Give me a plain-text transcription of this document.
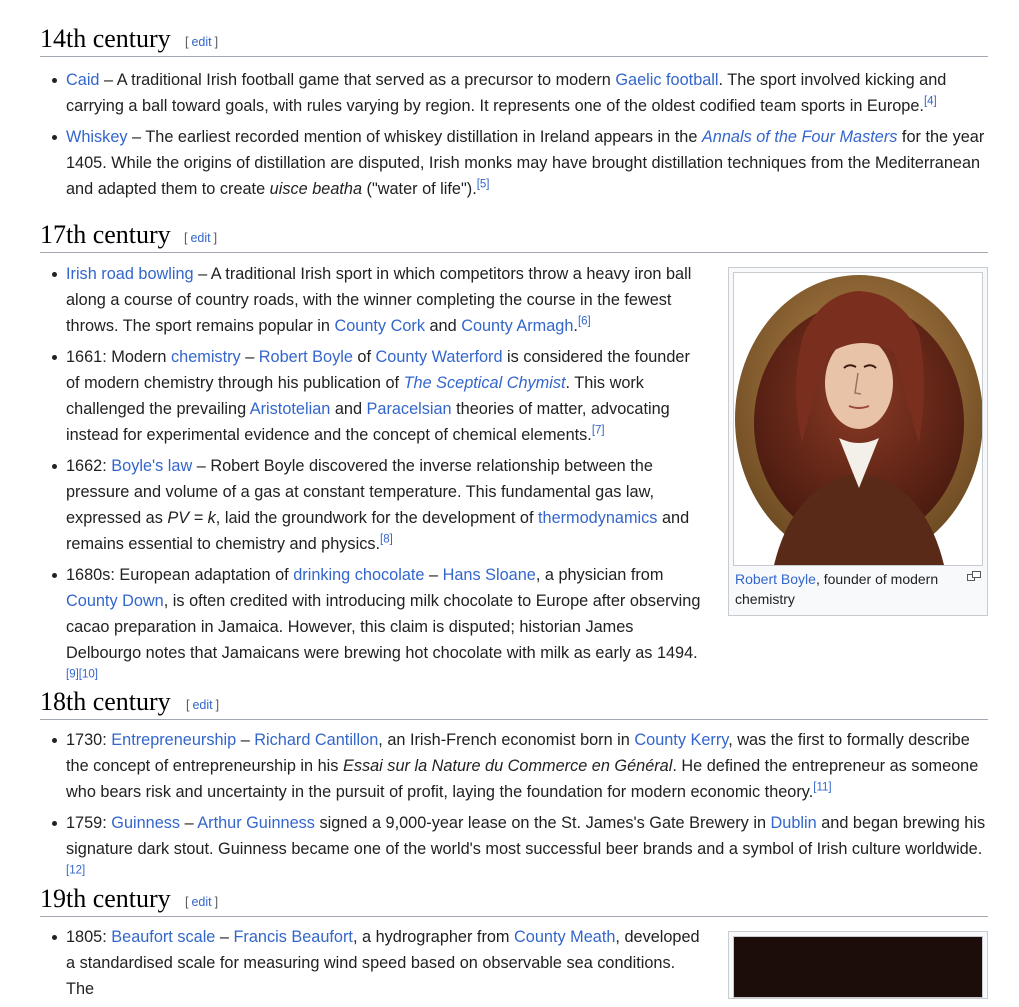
14th century [ edit ]
Caid – A traditional Irish football game that served as a precursor to modern Gaelic football. The sport involved kicking and carrying a ball toward goals, with rules varying by region. It represents one of the oldest codified team sports in Europe.[4]
Whiskey – The earliest recorded mention of whiskey distillation in Ireland appears in the Annals of the Four Masters for the year 1405. While the origins of distillation are disputed, Irish monks may have brought distillation techniques from the Mediterranean and adapted them to create uisce beatha ("water of life").[5]
17th century [ edit ]
Robert Boyle, founder of modern chemistry
Irish road bowling – A traditional Irish sport in which competitors throw a heavy iron ball along a course of country roads, with the winner completing the course in the fewest throws. The sport remains popular in County Cork and County Armagh.[6]
1661: Modern chemistry – Robert Boyle of County Waterford is considered the founder of modern chemistry through his publication of The Sceptical Chymist. This work challenged the prevailing Aristotelian and Paracelsian theories of matter, advocating instead for experimental evidence and the concept of chemical elements.[7]
1662: Boyle's law – Robert Boyle discovered the inverse relationship between the pressure and volume of a gas at constant temperature. This fundamental gas law, expressed as PV = k, laid the groundwork for the development of thermodynamics and remains essential to chemistry and physics.[8]
1680s: European adaptation of drinking chocolate – Hans Sloane, a physician from County Down, is often credited with introducing milk chocolate to Europe after observing cacao preparation in Jamaica. However, this claim is disputed; historian James Delbourgo notes that Jamaicans were brewing hot chocolate with milk as early as 1494.[9][10]
18th century [ edit ]
1730: Entrepreneurship – Richard Cantillon, an Irish-French economist born in County Kerry, was the first to formally describe the concept of entrepreneurship in his Essai sur la Nature du Commerce en Général. He defined the entrepreneur as someone who bears risk and uncertainty in the pursuit of profit, laying the foundation for modern economic theory.[11]
1759: Guinness – Arthur Guinness signed a 9,000-year lease on the St. James's Gate Brewery in Dublin and began brewing his signature dark stout. Guinness became one of the world's most successful beer brands and a symbol of Irish culture worldwide.[12]
19th century [ edit ]
1805: Beaufort scale – Francis Beaufort, a hydrographer from County Meath, developed a standardised scale for measuring wind speed based on observable sea conditions. The
